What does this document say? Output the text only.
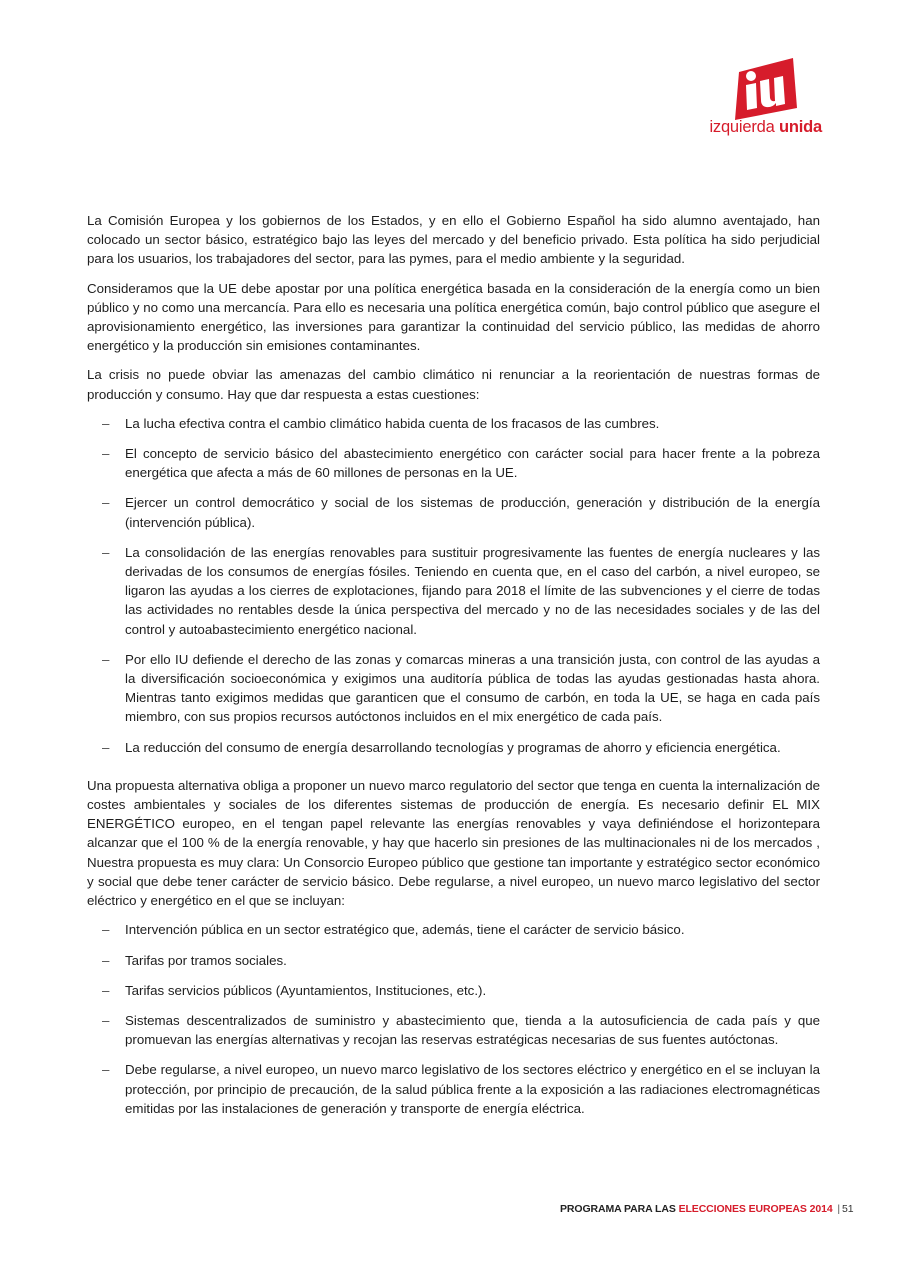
izquierda unida

La Comisión Europea y los gobiernos de los Estados, y en ello el Gobierno Español ha sido alumno aventajado, han colocado un sector básico, estratégico bajo las leyes del mercado y del beneficio privado. Esta política ha sido perjudicial para los usuarios, los trabajadores del sector, para las pymes, para el medio ambiente y la seguridad.

Consideramos que la UE debe apostar por una política energética basada en la consideración de la energía como un bien público y no como una mercancía. Para ello es necesaria una política energética común, bajo control público que asegure el aprovisionamiento energético, las inversiones para garantizar la continuidad del servicio público, las medidas de ahorro energético y la producción sin emisiones contaminantes.

La crisis no puede obviar las amenazas del cambio climático ni renunciar a la reorientación de nuestras formas de producción y consumo. Hay que dar respuesta a estas cuestiones:

– La lucha efectiva contra el cambio climático habida cuenta de los fracasos de las cumbres.
– El concepto de servicio básico del abastecimiento energético con carácter social para hacer frente a la pobreza energética que afecta a más de 60 millones de personas en la UE.
– Ejercer un control democrático y social de los sistemas de producción, generación y distribución de la energía (intervención pública).
– La consolidación de las energías renovables para sustituir progresivamente las fuentes de energía nucleares y las derivadas de los consumos de energías fósiles. Teniendo en cuenta que, en el caso del carbón, a nivel europeo, se ligaron las ayudas a los cierres de explotaciones, fijando para 2018 el límite de las subvenciones y el cierre de todas las actividades no rentables desde la única perspectiva del mercado y no de las necesidades sociales y de las del control y autoabastecimiento energético nacional.
– Por ello IU defiende el derecho de las zonas y comarcas mineras a una transición justa, con control de las ayudas a la diversificación socioeconómica y exigimos una auditoría pública de todas las ayudas gestionadas hasta ahora. Mientras tanto exigimos medidas que garanticen que el consumo de carbón, en toda la UE, se haga en cada país miembro, con sus propios recursos autóctonos incluidos en el mix energético de cada país.
– La reducción del consumo de energía desarrollando tecnologías y programas de ahorro y eficiencia energética.

Una propuesta alternativa obliga a proponer un nuevo marco regulatorio del sector que tenga en cuenta la internalización de costes ambientales y sociales de los diferentes sistemas de producción de energía. Es necesario definir EL MIX ENERGÉTICO europeo, en el tengan papel relevante las energías renovables y vaya definiéndose el horizontepara alcanzar que el 100 % de la energía renovable, y hay que hacerlo sin presiones de las multinacionales ni de los mercados , Nuestra propuesta es muy clara: Un Consorcio Europeo público que gestione tan importante y estratégico sector económico y social que debe tener carácter de servicio básico. Debe regularse, a nivel europeo, un nuevo marco legislativo del sector eléctrico y energético en el que se incluyan:

– Intervención pública en un sector estratégico que, además, tiene el carácter de servicio básico.
– Tarifas por tramos sociales.
– Tarifas servicios públicos (Ayuntamientos, Instituciones, etc.).
– Sistemas descentralizados de suministro y abastecimiento que, tienda a la autosuficiencia de cada país y que promuevan las energías alternativas y recojan las reservas estratégicas necesarias de sus fuentes autóctonas.
– Debe regularse, a nivel europeo, un nuevo marco legislativo de los sectores eléctrico y energético en el se incluyan la protección, por principio de precaución, de la salud pública frente a la exposición a las radiaciones electromagnéticas emitidas por las instalaciones de generación y transporte de energía eléctrica.
PROGRAMA PARA LAS ELECCIONES EUROPEAS 2014 | 51
